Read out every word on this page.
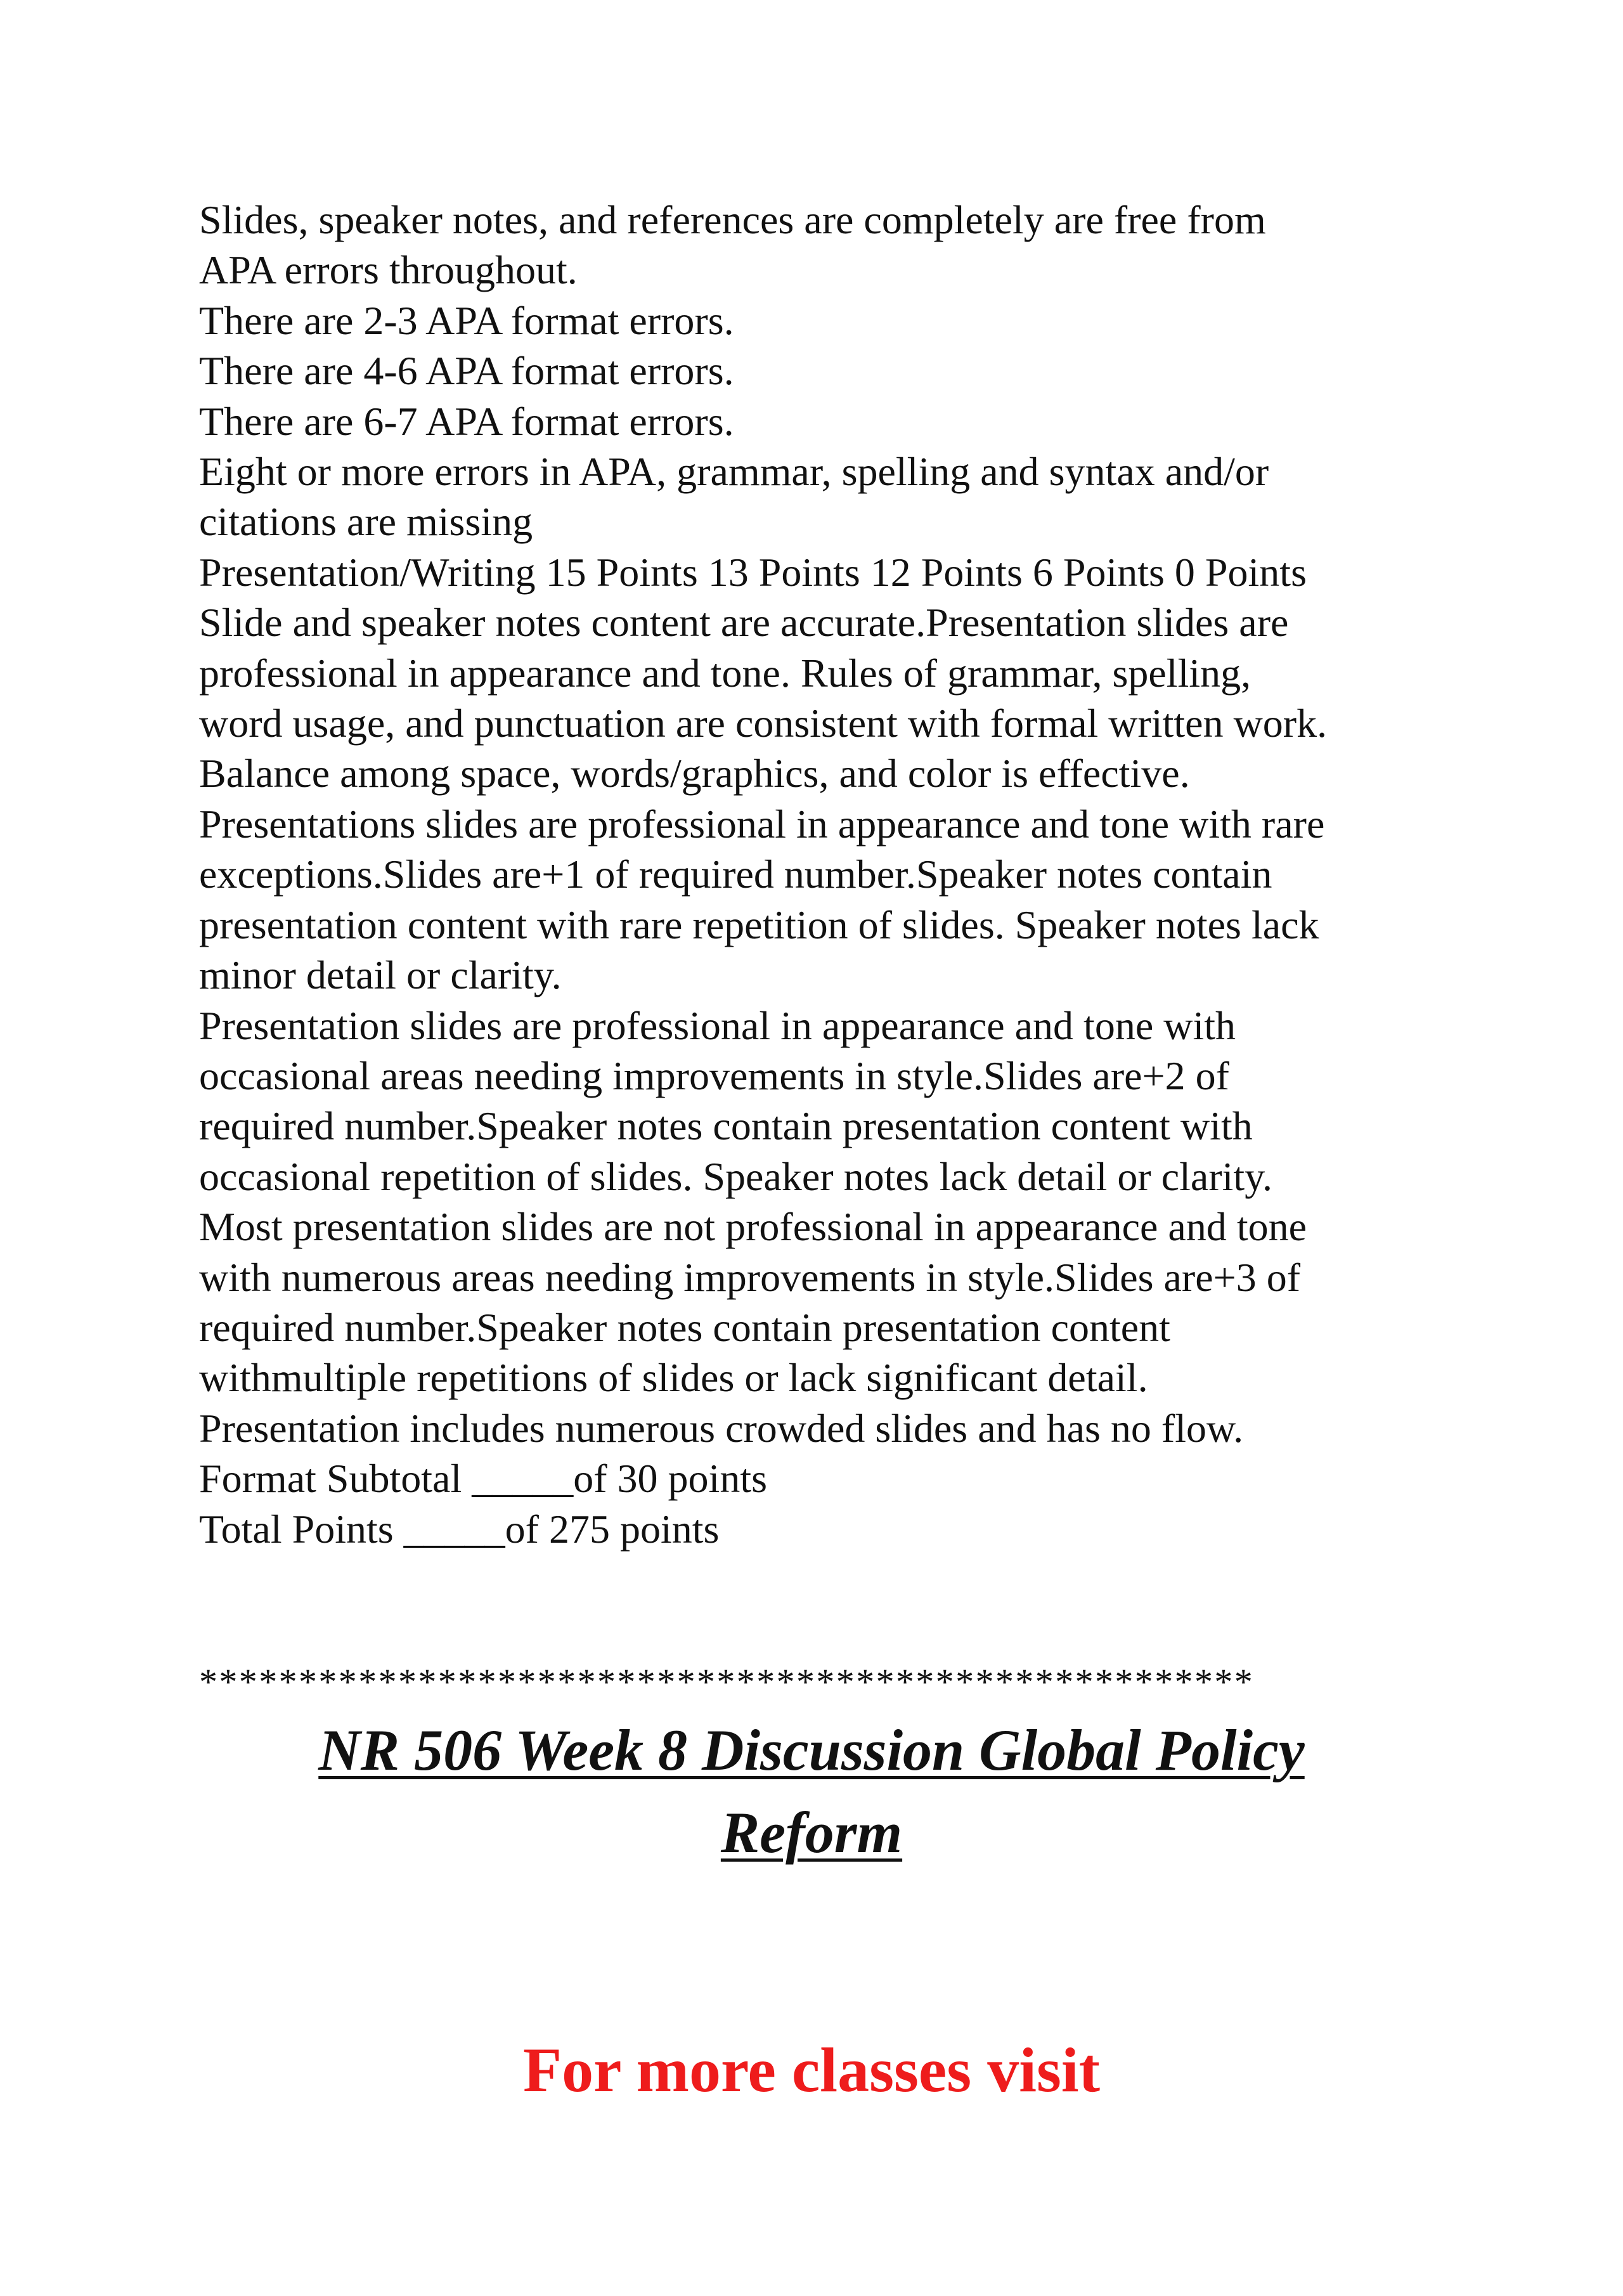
Slides, speaker notes, and references are completely are free from
APA errors throughout.
There are 2-3 APA format errors.
There are 4-6 APA format errors.
There are 6-7 APA format errors.
Eight or more errors in APA, grammar, spelling and syntax and/or
citations are missing
Presentation/Writing 15 Points 13 Points 12 Points 6 Points 0 Points
Slide and speaker notes content are accurate.Presentation slides are
professional in appearance and tone. Rules of grammar, spelling,
word usage, and punctuation are consistent with formal written work.
Balance among space, words/graphics, and color is effective.
Presentations slides are professional in appearance and tone with rare
exceptions.Slides are+1 of required number.Speaker notes contain
presentation content with rare repetition of slides. Speaker notes lack
minor detail or clarity.
Presentation slides are professional in appearance and tone with
occasional areas needing improvements in style.Slides are+2 of
required number.Speaker notes contain presentation content with
occasional repetition of slides. Speaker notes lack detail or clarity.
Most presentation slides are not professional in appearance and tone
with numerous areas needing improvements in style.Slides are+3 of
required number.Speaker notes contain presentation content
withmultiple repetitions of slides or lack significant detail.
Presentation includes numerous crowded slides and has no flow.
Format Subtotal _____of 30 points
Total Points _____of 275 points
*****************************************************
NR 506 Week 8 Discussion Global Policy
Reform

For more classes visit
